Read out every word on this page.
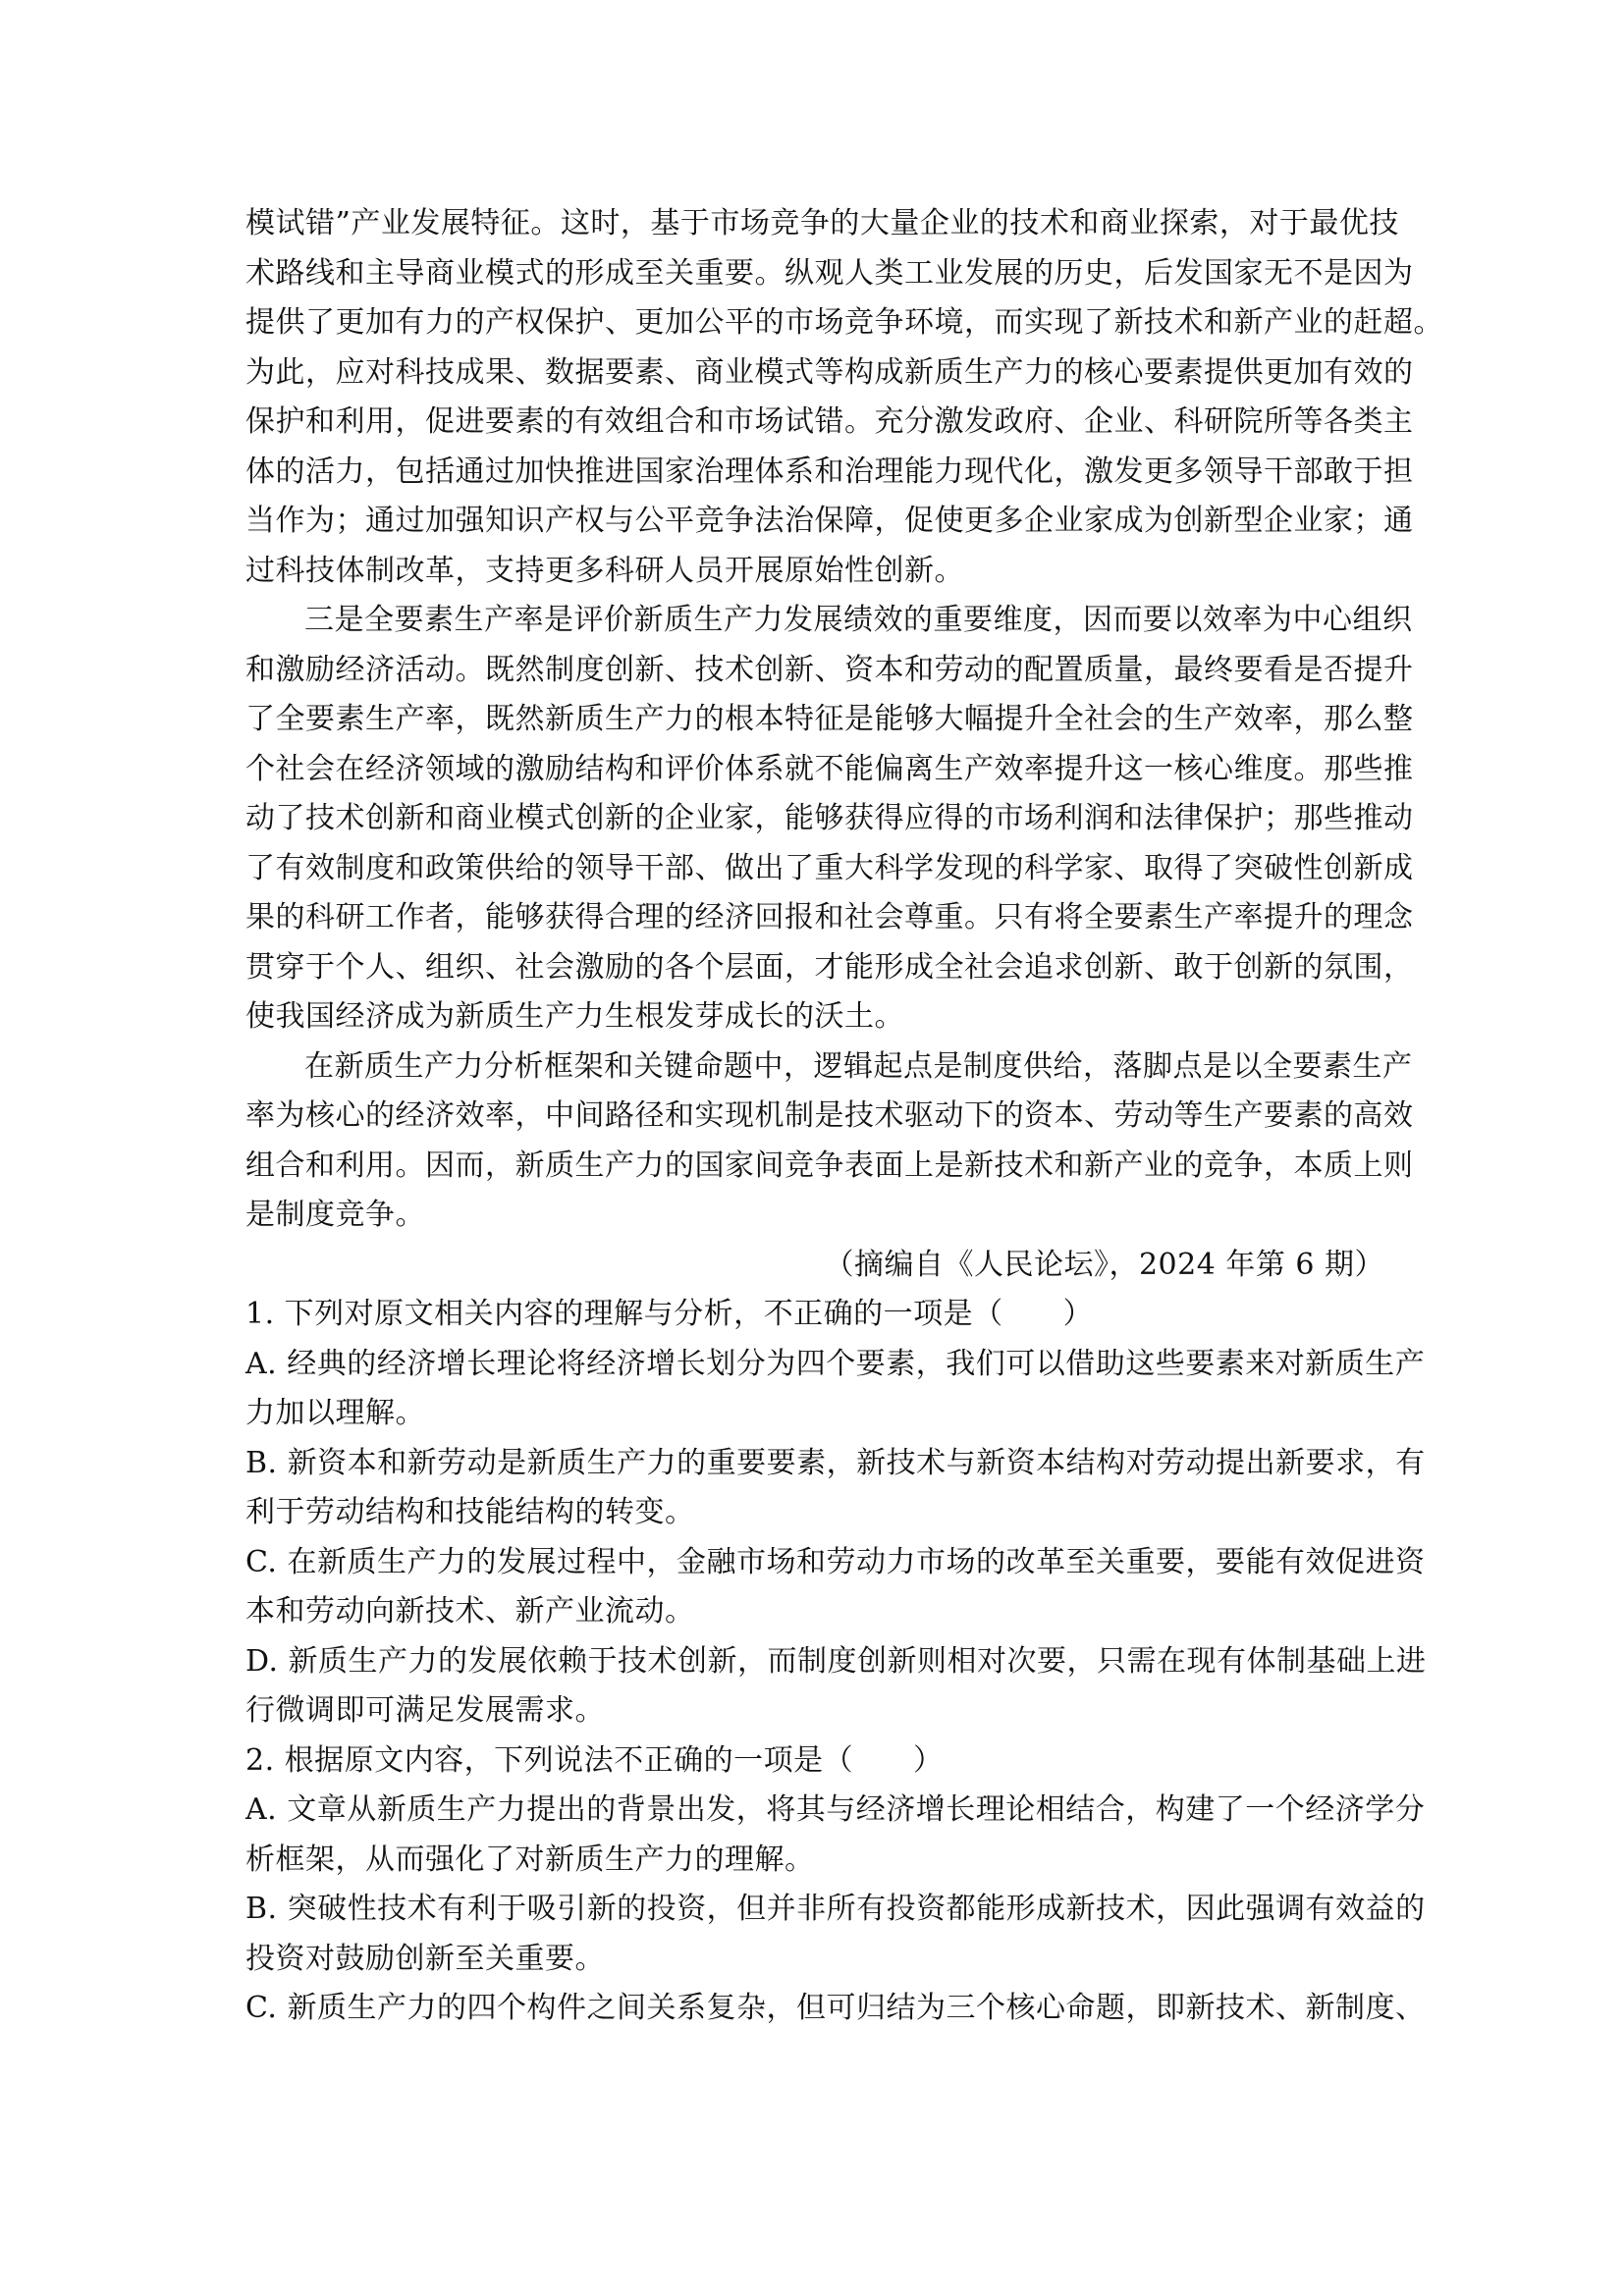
模试错”产业发展特征。这时，基于市场竞争的大量企业的技术和商业探索，对于最优技
术路线和主导商业模式的形成至关重要。纵观人类工业发展的历史，后发国家无不是因为
提供了更加有力的产权保护、更加公平的市场竞争环境，而实现了新技术和新产业的赶超。
为此，应对科技成果、数据要素、商业模式等构成新质生产力的核心要素提供更加有效的
保护和利用，促进要素的有效组合和市场试错。充分激发政府、企业、科研院所等各类主
体的活力，包括通过加快推进国家治理体系和治理能力现代化，激发更多领导干部敢于担
当作为；通过加强知识产权与公平竞争法治保障，促使更多企业家成为创新型企业家；通
过科技体制改革，支持更多科研人员开展原始性创新。
三是全要素生产率是评价新质生产力发展绩效的重要维度，因而要以效率为中心组织
和激励经济活动。既然制度创新、技术创新、资本和劳动的配置质量，最终要看是否提升
了全要素生产率，既然新质生产力的根本特征是能够大幅提升全社会的生产效率，那么整
个社会在经济领域的激励结构和评价体系就不能偏离生产效率提升这一核心维度。那些推
动了技术创新和商业模式创新的企业家，能够获得应得的市场利润和法律保护；那些推动
了有效制度和政策供给的领导干部、做出了重大科学发现的科学家、取得了突破性创新成
果的科研工作者，能够获得合理的经济回报和社会尊重。只有将全要素生产率提升的理念
贯穿于个人、组织、社会激励的各个层面，才能形成全社会追求创新、敢于创新的氛围，
使我国经济成为新质生产力生根发芽成长的沃土。
在新质生产力分析框架和关键命题中，逻辑起点是制度供给，落脚点是以全要素生产
率为核心的经济效率，中间路径和实现机制是技术驱动下的资本、劳动等生产要素的高效
组合和利用。因而，新质生产力的国家间竞争表面上是新技术和新产业的竞争，本质上则
是制度竞争。
（摘编自《人民论坛》，2024 年第 6 期）
1. 下列对原文相关内容的理解与分析，不正确的一项是（　　）
A. 经典的经济增长理论将经济增长划分为四个要素，我们可以借助这些要素来对新质生产
力加以理解。
B. 新资本和新劳动是新质生产力的重要要素，新技术与新资本结构对劳动提出新要求，有
利于劳动结构和技能结构的转变。
C. 在新质生产力的发展过程中，金融市场和劳动力市场的改革至关重要，要能有效促进资
本和劳动向新技术、新产业流动。
D. 新质生产力的发展依赖于技术创新，而制度创新则相对次要，只需在现有体制基础上进
行微调即可满足发展需求。
2. 根据原文内容，下列说法不正确的一项是（　　）
A. 文章从新质生产力提出的背景出发，将其与经济增长理论相结合，构建了一个经济学分
析框架，从而强化了对新质生产力的理解。
B. 突破性技术有利于吸引新的投资，但并非所有投资都能形成新技术，因此强调有效益的
投资对鼓励创新至关重要。
C. 新质生产力的四个构件之间关系复杂，但可归结为三个核心命题，即新技术、新制度、
